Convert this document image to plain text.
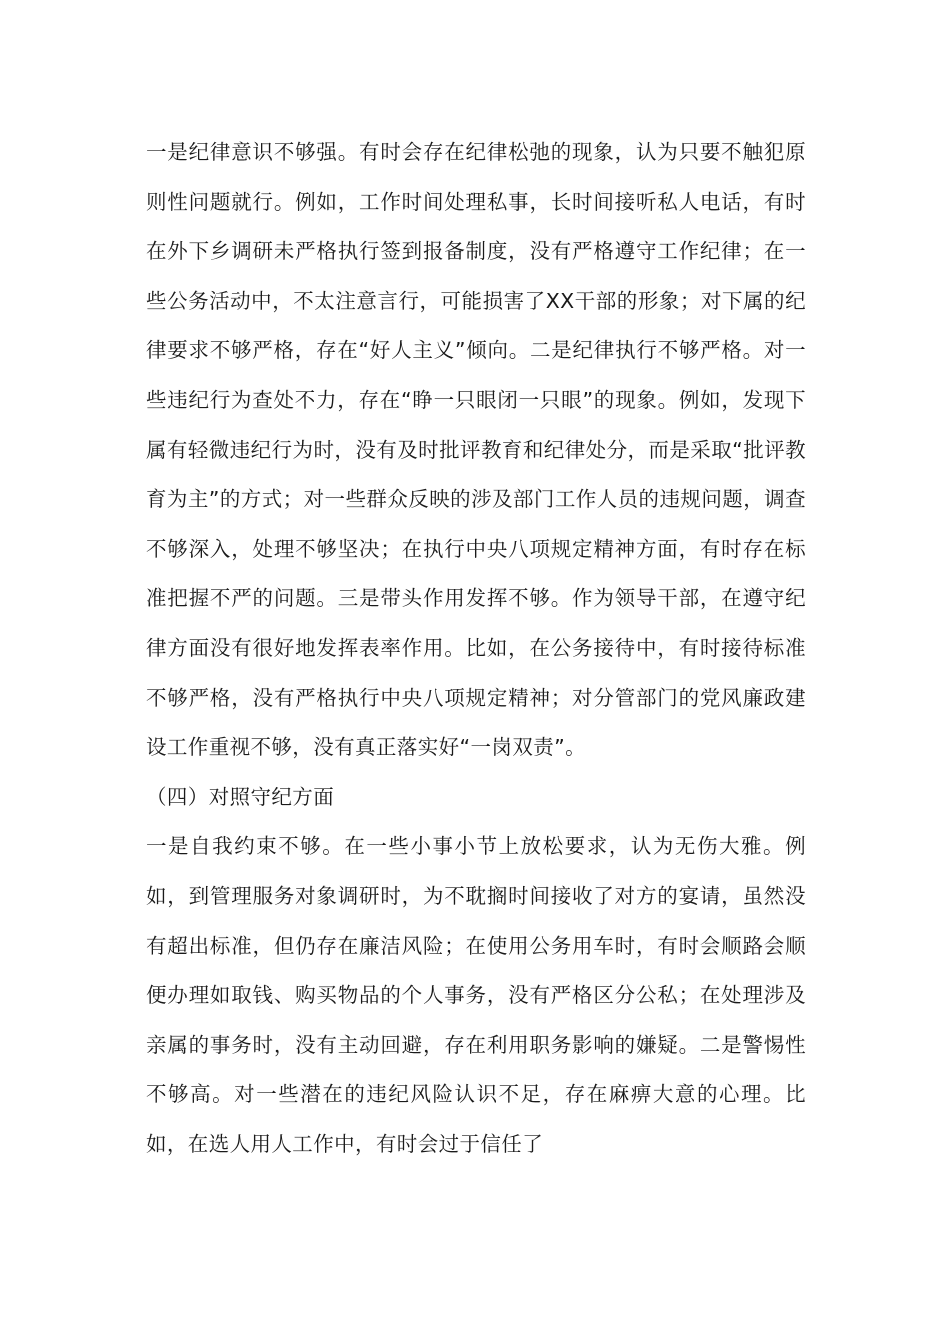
一是纪律意识不够强。有时会存在纪律松弛的现象，认为只要不触犯原则性问题就行。例如，工作时间处理私事，长时间接听私人电话，有时在外下乡调研未严格执行签到报备制度，没有严格遵守工作纪律；在一些公务活动中，不太注意言行，可能损害了XX干部的形象；对下属的纪律要求不够严格，存在“好人主义”倾向。二是纪律执行不够严格。对一些违纪行为查处不力，存在“睁一只眼闭一只眼”的现象。例如，发现下属有轻微违纪行为时，没有及时批评教育和纪律处分，而是采取“批评教育为主”的方式；对一些群众反映的涉及部门工作人员的违规问题，调查不够深入，处理不够坚决；在执行中央八项规定精神方面，有时存在标准把握不严的问题。三是带头作用发挥不够。作为领导干部，在遵守纪律方面没有很好地发挥表率作用。比如，在公务接待中，有时接待标准不够严格，没有严格执行中央八项规定精神；对分管部门的党风廉政建设工作重视不够，没有真正落实好“一岗双责”。

（四）对照守纪方面

一是自我约束不够。在一些小事小节上放松要求，认为无伤大雅。例如，到管理服务对象调研时，为不耽搁时间接收了对方的宴请，虽然没有超出标准，但仍存在廉洁风险；在使用公务用车时，有时会顺路会顺便办理如取钱、购买物品的个人事务，没有严格区分公私；在处理涉及亲属的事务时，没有主动回避，存在利用职务影响的嫌疑。二是警惕性不够高。对一些潜在的违纪风险认识不足，存在麻痹大意的心理。比如，在选人用人工作中，有时会过于信任了
